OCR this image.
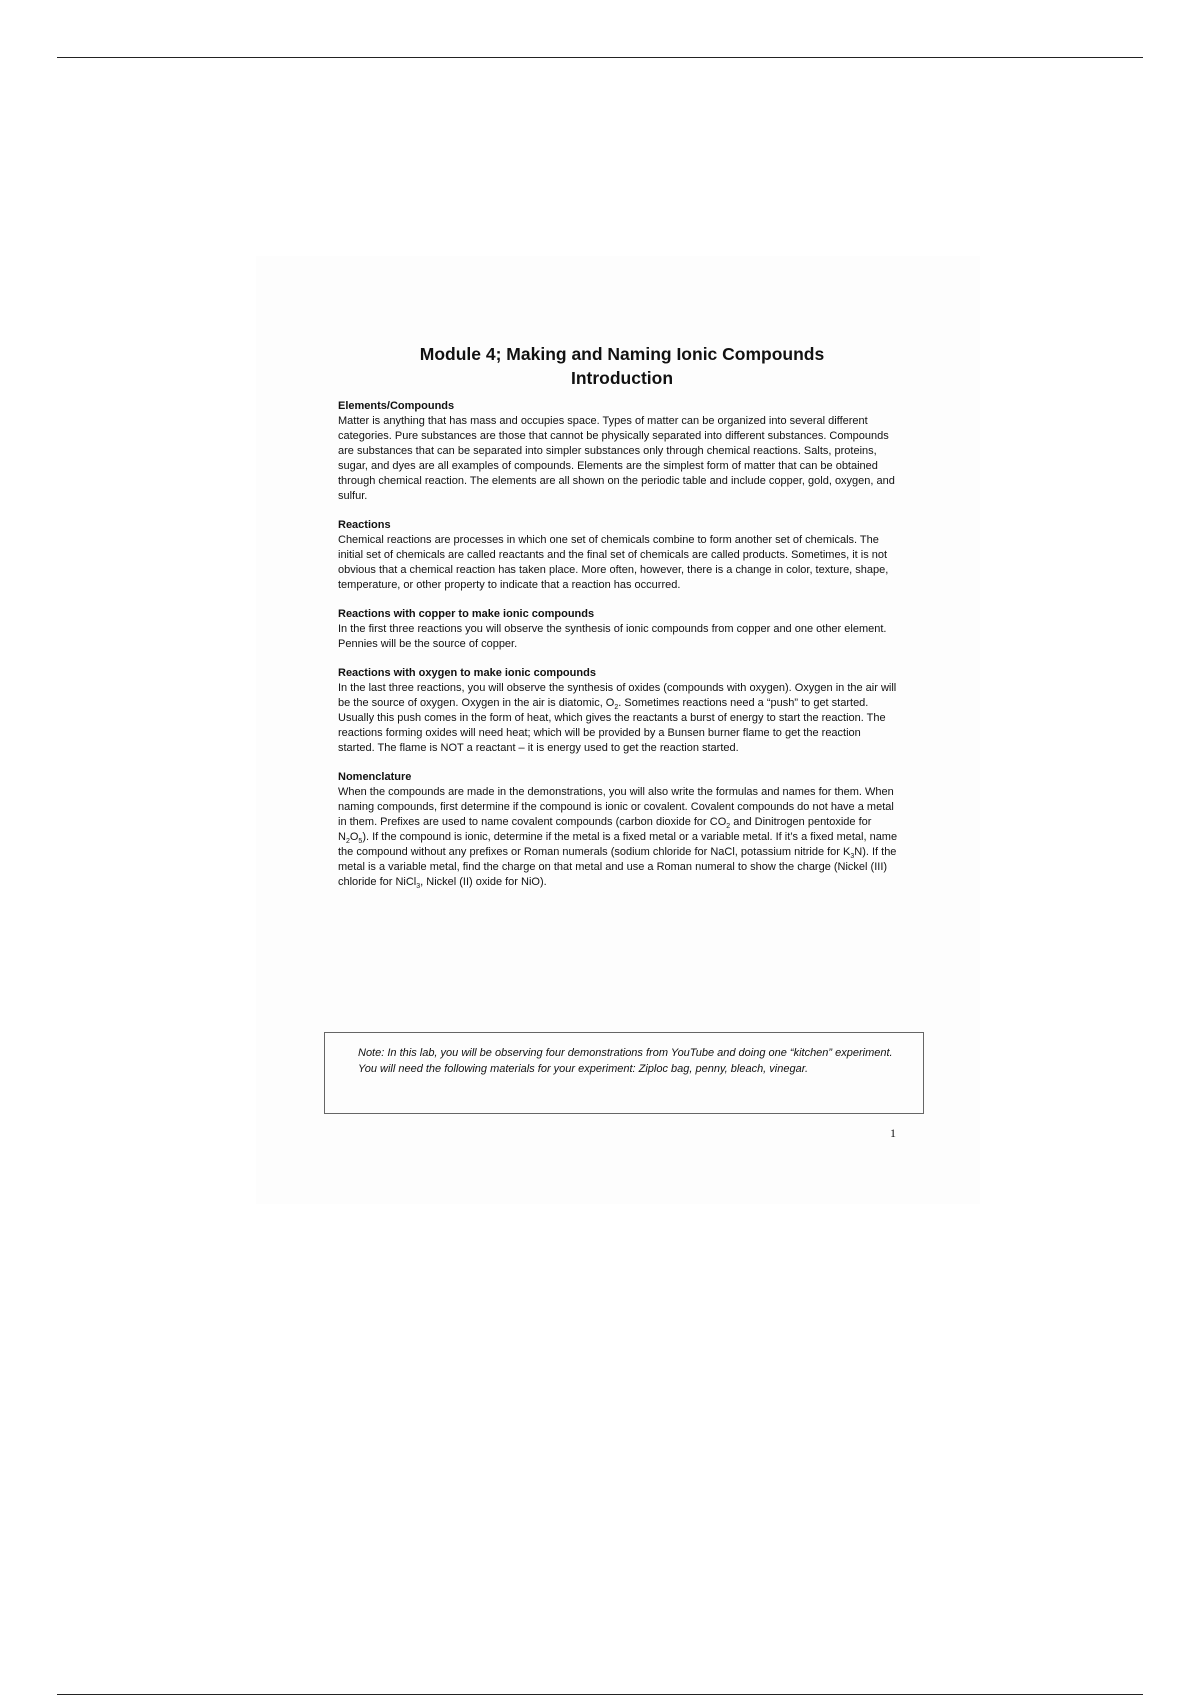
Module 4; Making and Naming Ionic Compounds
Introduction
Elements/Compounds
Matter is anything that has mass and occupies space. Types of matter can be organized into several different categories. Pure substances are those that cannot be physically separated into different substances. Compounds are substances that can be separated into simpler substances only through chemical reactions. Salts, proteins, sugar, and dyes are all examples of compounds. Elements are the simplest form of matter that can be obtained through chemical reaction. The elements are all shown on the periodic table and include copper, gold, oxygen, and sulfur.
Reactions
Chemical reactions are processes in which one set of chemicals combine to form another set of chemicals. The initial set of chemicals are called reactants and the final set of chemicals are called products. Sometimes, it is not obvious that a chemical reaction has taken place. More often, however, there is a change in color, texture, shape, temperature, or other property to indicate that a reaction has occurred.
Reactions with copper to make ionic compounds
In the first three reactions you will observe the synthesis of ionic compounds from copper and one other element. Pennies will be the source of copper.
Reactions with oxygen to make ionic compounds
In the last three reactions, you will observe the synthesis of oxides (compounds with oxygen). Oxygen in the air will be the source of oxygen. Oxygen in the air is diatomic, $O_2$. Sometimes reactions need a “push” to get started. Usually this push comes in the form of heat, which gives the reactants a burst of energy to start the reaction. The reactions forming oxides will need heat; which will be provided by a Bunsen burner flame to get the reaction started. The flame is NOT a reactant – it is energy used to get the reaction started.
Nomenclature
When the compounds are made in the demonstrations, you will also write the formulas and names for them. When naming compounds, first determine if the compound is ionic or covalent. Covalent compounds do not have a metal in them. Prefixes are used to name covalent compounds (carbon dioxide for $CO_2$ and Dinitrogen pentoxide for $N_2O_5$). If the compound is ionic, determine if the metal is a fixed metal or a variable metal. If it’s a fixed metal, name the compound without any prefixes or Roman numerals (sodium chloride for NaCl, potassium nitride for $K_3N$). If the metal is a variable metal, find the charge on that metal and use a Roman numeral to show the charge (Nickel (III) chloride for NiCl$_3$, Nickel (II) oxide for NiO).
Note: In this lab, you will be observing four demonstrations from YouTube and doing one “kitchen” experiment. You will need the following materials for your experiment: Ziploc bag, penny, bleach, vinegar.
1
